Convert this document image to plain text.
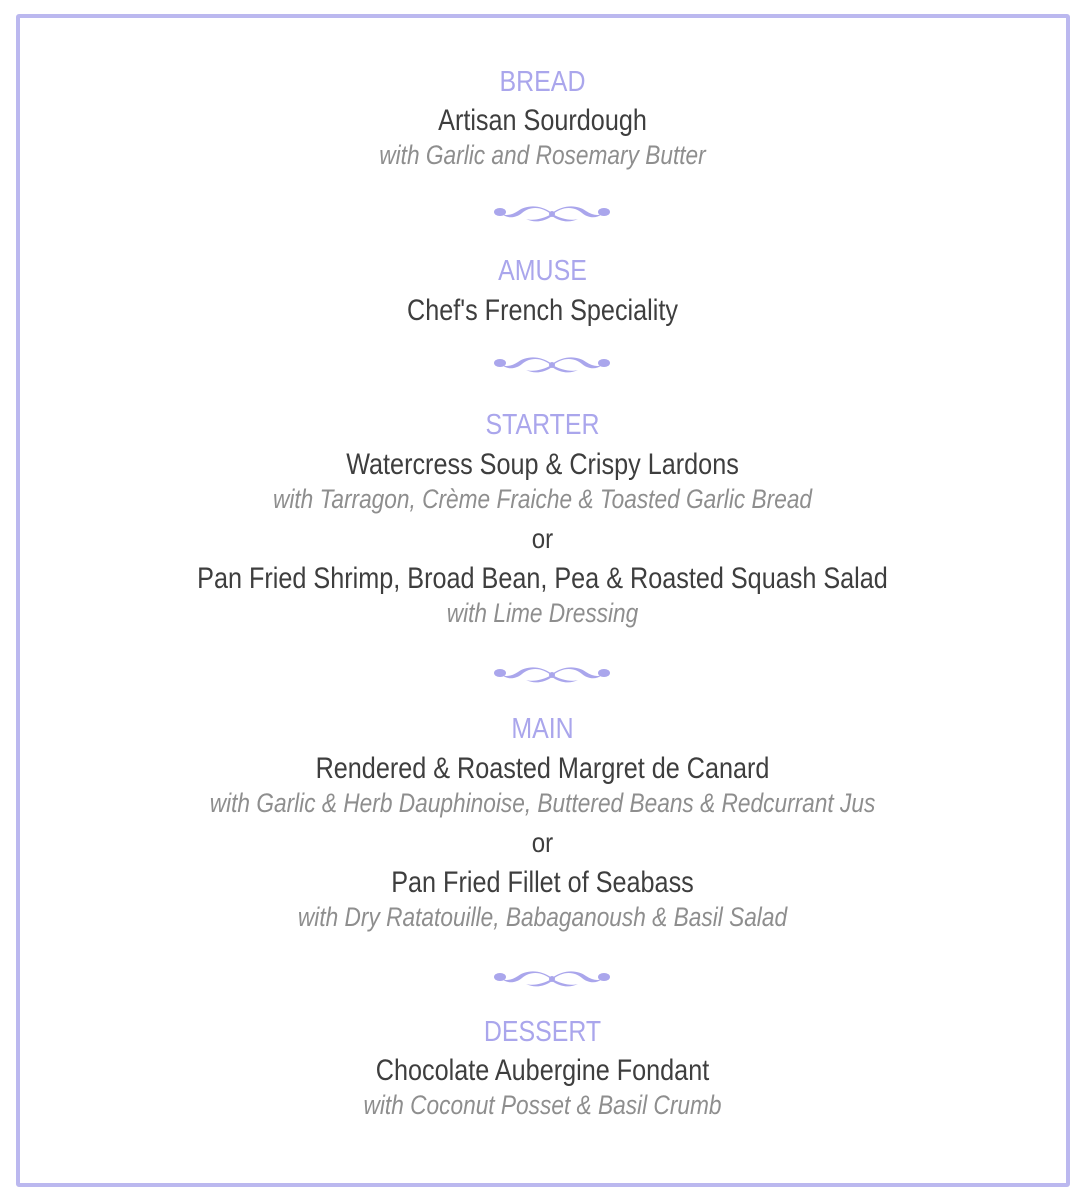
BREAD
Artisan Sourdough
with Garlic and Rosemary Butter
AMUSE
Chef's French Speciality
STARTER
Watercress Soup & Crispy Lardons
with Tarragon, Crème Fraiche & Toasted Garlic Bread
or
Pan Fried Shrimp, Broad Bean, Pea & Roasted Squash Salad
with Lime Dressing
MAIN
Rendered & Roasted Margret de Canard
with Garlic & Herb Dauphinoise, Buttered Beans & Redcurrant Jus
or
Pan Fried Fillet of Seabass
with Dry Ratatouille, Babaganoush & Basil Salad
DESSERT
Chocolate Aubergine Fondant
with Coconut Posset & Basil Crumb
